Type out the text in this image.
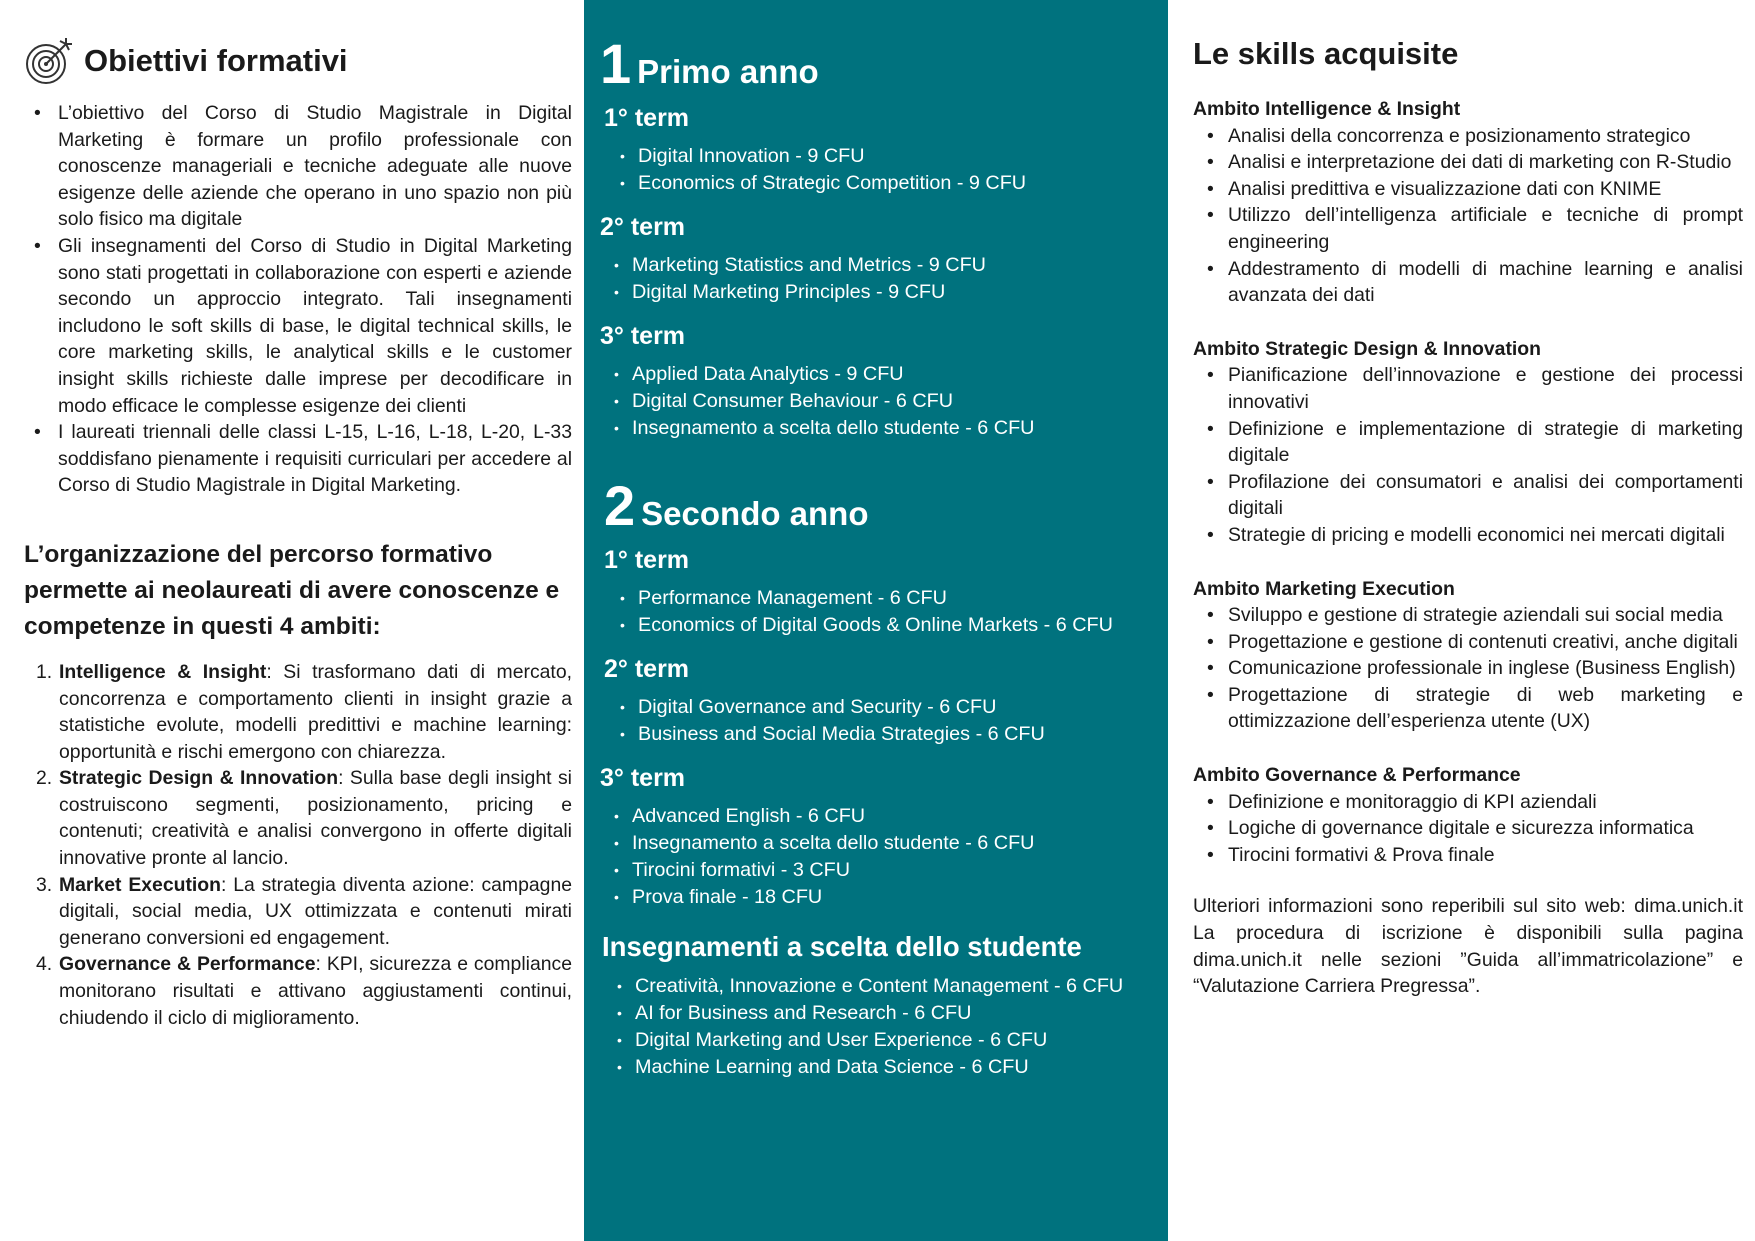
Obiettivi formativi
• L’obiettivo del Corso di Studio Magistrale in Digital Marketing è formare un profilo professionale con conoscenze manageriali e tecniche adeguate alle nuove esigenze delle aziende che operano in uno spazio non più solo fisico ma digitale
• Gli insegnamenti del Corso di Studio in Digital Marketing sono stati progettati in collaborazione con esperti e aziende secondo un approccio integrato. Tali insegnamenti includono le soft skills di base, le digital technical skills, le core marketing skills, le analytical skills e le customer insight skills richieste dalle imprese per decodificare in modo efficace le complesse esigenze dei clienti
• I laureati triennali delle classi L-15, L-16, L-18, L-20, L-33 soddisfano pienamente i requisiti curriculari per accedere al Corso di Studio Magistrale in Digital Marketing.
L’organizzazione del percorso formativo permette ai neolaureati di avere conoscenze e competenze in questi 4 ambiti:
1. Intelligence & Insight: Si trasformano dati di mercato, concorrenza e comportamento clienti in insight grazie a statistiche evolute, modelli predittivi e machine learning: opportunità e rischi emergono con chiarezza.
2. Strategic Design & Innovation: Sulla base degli insight si costruiscono segmenti, posizionamento, pricing e contenuti; creatività e analisi convergono in offerte digitali innovative pronte al lancio.
3. Market Execution: La strategia diventa azione: campagne digitali, social media, UX ottimizzata e contenuti mirati generano conversioni ed engagement.
4. Governance & Performance: KPI, sicurezza e compliance monitorano risultati e attivano aggiustamenti continui, chiudendo il ciclo di miglioramento.
1 Primo anno
1° term
• Digital Innovation - 9 CFU
• Economics of Strategic Competition - 9 CFU
2° term
• Marketing Statistics and Metrics - 9 CFU
• Digital Marketing Principles - 9 CFU
3° term
• Applied Data Analytics - 9 CFU
• Digital Consumer Behaviour - 6 CFU
• Insegnamento a scelta dello studente - 6 CFU
2 Secondo anno
1° term
• Performance Management - 6 CFU
• Economics of Digital Goods & Online Markets - 6 CFU
2° term
• Digital Governance and Security - 6 CFU
• Business and Social Media Strategies - 6 CFU
3° term
• Advanced English - 6 CFU
• Insegnamento a scelta dello studente - 6 CFU
• Tirocini formativi - 3 CFU
• Prova finale - 18 CFU
Insegnamenti a scelta dello studente
• Creatività, Innovazione e Content Management - 6 CFU
• AI for Business and Research - 6 CFU
• Digital Marketing and User Experience - 6 CFU
• Machine Learning and Data Science - 6 CFU
Le skills acquisite

Ambito Intelligence & Insight

• Analisi della concorrenza e posizionamento strategico
• Analisi e interpretazione dei dati di marketing con R-Studio
• Analisi predittiva e visualizzazione dati con KNIME
• Utilizzo dell’intelligenza artificiale e tecniche di prompt engineering
• Addestramento di modelli di machine learning e analisi avanzata dei dati

Ambito Strategic Design & Innovation

• Pianificazione dell’innovazione e gestione dei processi innovativi
• Definizione e implementazione di strategie di marketing digitale
• Profilazione dei consumatori e analisi dei comportamenti digitali
• Strategie di pricing e modelli economici nei mercati digitali

Ambito Marketing Execution

• Sviluppo e gestione di strategie aziendali sui social media
• Progettazione e gestione di contenuti creativi, anche digitali
• Comunicazione professionale in inglese (Business English)
• Progettazione di strategie di web marketing e ottimizzazione dell’esperienza utente (UX)

Ambito Governance & Performance

• Definizione e monitoraggio di KPI aziendali
• Logiche di governance digitale e sicurezza informatica
• Tirocini formativi & Prova finale

Ulteriori informazioni sono reperibili sul sito web: dima.unich.it La procedura di iscrizione è disponibili sulla pagina dima.unich.it nelle sezioni ”Guida all’immatricolazione” e “Valutazione Carriera Pregressa”.
